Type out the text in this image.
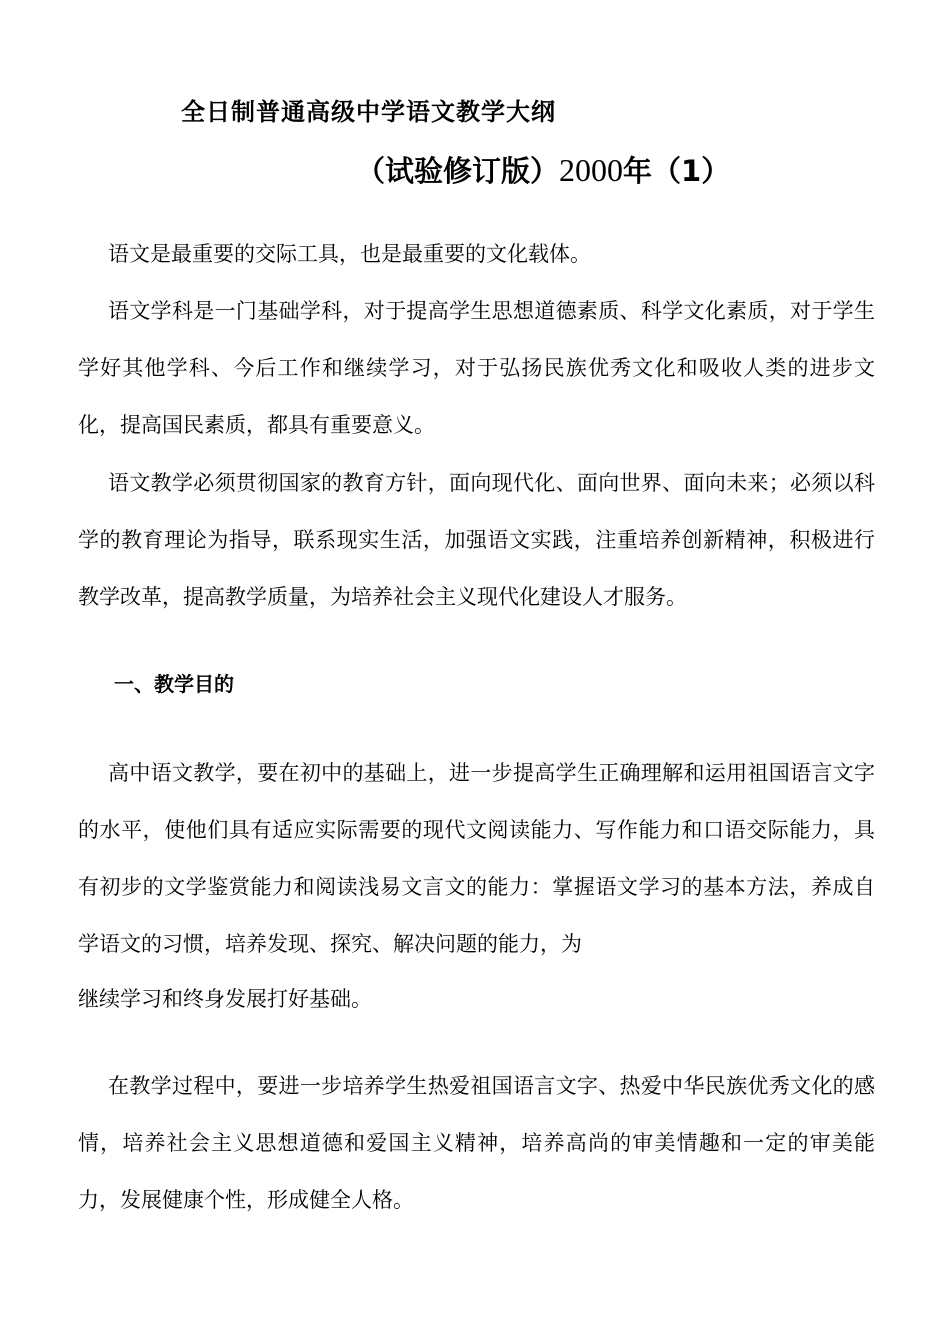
全日制普通高级中学语文教学大纲
（试验修订版）2000年（1）
语文是最重要的交际工具，也是最重要的文化载体。

语文学科是一门基础学科，对于提高学生思想道德素质、科学文化素质，对于学生学好其他学科、今后工作和继续学习，对于弘扬民族优秀文化和吸收人类的进步文化，提高国民素质，都具有重要意义。

语文教学必须贯彻国家的教育方针，面向现代化、面向世界、面向未来；必须以科学的教育理论为指导，联系现实生活，加强语文实践，注重培养创新精神，积极进行教学改革，提高教学质量，为培养社会主义现代化建设人才服务。

一、教学目的

高中语文教学，要在初中的基础上，进一步提高学生正确理解和运用祖国语言文字的水平，使他们具有适应实际需要的现代文阅读能力、写作能力和口语交际能力，具有初步的文学鉴赏能力和阅读浅易文言文的能力：掌握语文学习的基本方法，养成自学语文的习惯，培养发现、探究、解决问题的能力，为

继续学习和终身发展打好基础。

在教学过程中，要进一步培养学生热爱祖国语言文字、热爱中华民族优秀文化的感情，培养社会主义思想道德和爱国主义精神，培养高尚的审美情趣和一定的审美能力，发展健康个性，形成健全人格。
